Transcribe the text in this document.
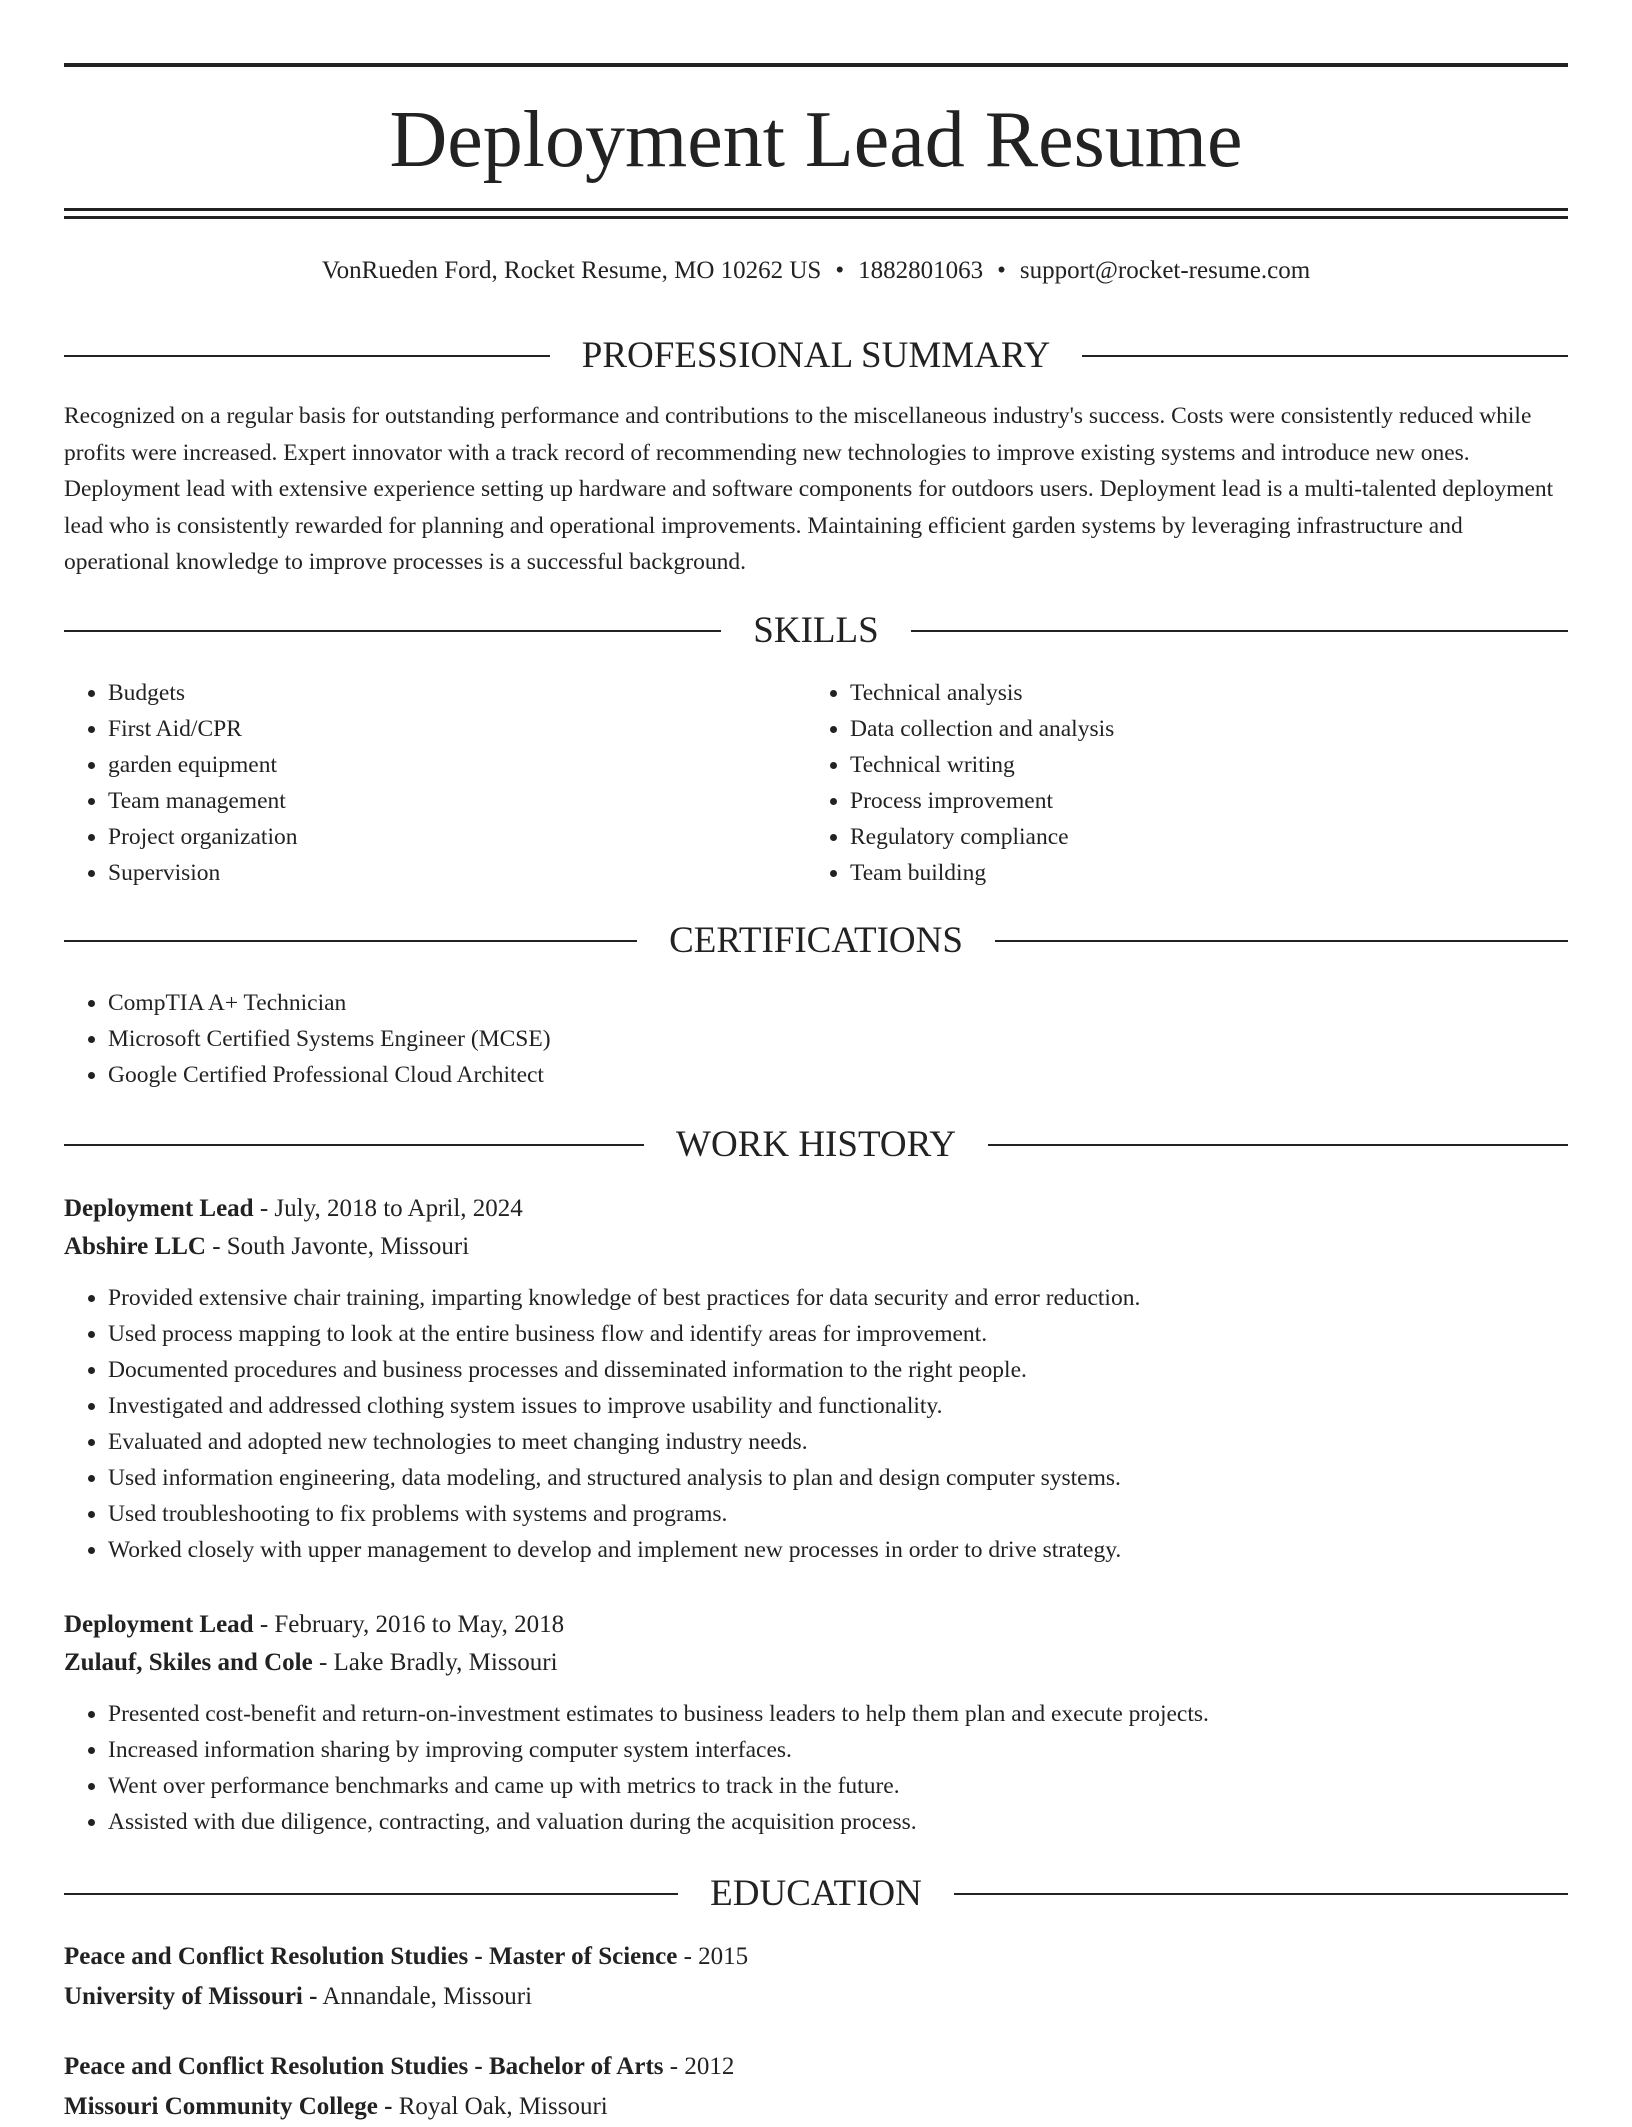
Deployment Lead Resume
VonRueden Ford, Rocket Resume, MO 10262 US • 1882801063 • support@rocket-resume.com
PROFESSIONAL SUMMARY

Recognized on a regular basis for outstanding performance and contributions to the miscellaneous industry's success. Costs were consistently reduced while profits were increased. Expert innovator with a track record of recommending new technologies to improve existing systems and introduce new ones. Deployment lead with extensive experience setting up hardware and software components for outdoors users. Deployment lead is a multi-talented deployment lead who is consistently rewarded for planning and operational improvements. Maintaining efficient garden systems by leveraging infrastructure and operational knowledge to improve processes is a successful background.

SKILLS
• Budgets
• First Aid/CPR
• garden equipment
• Team management
• Project organization
• Supervision
• Technical analysis
• Data collection and analysis
• Technical writing
• Process improvement
• Regulatory compliance
• Team building
CERTIFICATIONS
• CompTIA A+ Technician
• Microsoft Certified Systems Engineer (MCSE)
• Google Certified Professional Cloud Architect
WORK HISTORY
Deployment Lead - July, 2018 to April, 2024
Abshire LLC - South Javonte, Missouri
• Provided extensive chair training, imparting knowledge of best practices for data security and error reduction.
• Used process mapping to look at the entire business flow and identify areas for improvement.
• Documented procedures and business processes and disseminated information to the right people.
• Investigated and addressed clothing system issues to improve usability and functionality.
• Evaluated and adopted new technologies to meet changing industry needs.
• Used information engineering, data modeling, and structured analysis to plan and design computer systems.
• Used troubleshooting to fix problems with systems and programs.
• Worked closely with upper management to develop and implement new processes in order to drive strategy.
Deployment Lead - February, 2016 to May, 2018
Zulauf, Skiles and Cole - Lake Bradly, Missouri
• Presented cost-benefit and return-on-investment estimates to business leaders to help them plan and execute projects.
• Increased information sharing by improving computer system interfaces.
• Went over performance benchmarks and came up with metrics to track in the future.
• Assisted with due diligence, contracting, and valuation during the acquisition process.
EDUCATION
Peace and Conflict Resolution Studies - Master of Science - 2015
University of Missouri - Annandale, Missouri
Peace and Conflict Resolution Studies - Bachelor of Arts - 2012
Missouri Community College - Royal Oak, Missouri
